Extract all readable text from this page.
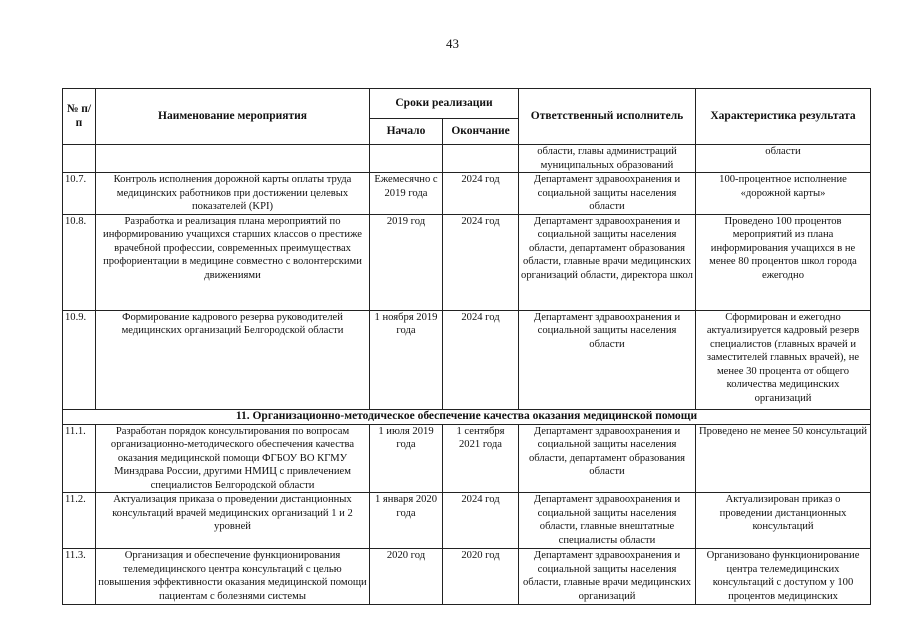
43
№ п/п	Наименование мероприятия	Сроки реализации		Ответственный исполнитель	Характеристика результата
		Начало	Окончание		
				области, главы администраций муниципальных образований	области
10.7.	Контроль исполнения дорожной карты оплаты труда медицинских работников при достижении целевых показателей (KPI)	Ежемесячно с 2019 года	2024 год	Департамент здравоохранения и социальной защиты населения области	100-процентное исполнение «дорожной карты»
10.8.	Разработка и реализация плана мероприятий по информированию учащихся старших классов о престиже врачебной профессии, современных преимуществах профориентации в медицине совместно с волонтерскими движениями	2019 год	2024 год	Департамент здравоохранения и социальной защиты населения области, департамент образования области, главные врачи медицинских организаций области, директора школ	Проведено 100 процентов мероприятий из плана информирования учащихся в не менее 80 процентов школ города ежегодно
10.9.	Формирование кадрового резерва руководителей медицинских организаций Белгородской области	1 ноября 2019 года	2024 год	Департамент здравоохранения и социальной защиты населения области	Сформирован и ежегодно актуализируется кадровый резерв специалистов (главных врачей и заместителей главных врачей), не менее 30 процента от общего количества медицинских организаций
11. Организационно-методическое обеспечение качества оказания медицинской помощи					
11.1.	Разработан порядок консультирования по вопросам организационно-методического обеспечения качества оказания медицинской помощи ФГБОУ ВО КГМУ Минздрава России, другими НМИЦ с привлечением специалистов Белгородской области	1 июля 2019 года	1 сентября 2021 года	Департамент здравоохранения и социальной защиты населения области, департамент образования области	Проведено не менее 50 консультаций
11.2.	Актуализация приказа о проведении дистанционных консультаций врачей медицинских организаций 1 и 2 уровней	1 января 2020 года	2024 год	Департамент здравоохранения и социальной защиты населения области, главные внештатные специалисты области	Актуализирован приказ о проведении дистанционных консультаций
11.3.	Организация и обеспечение функционирования телемедицинского центра консультаций с целью повышения эффективности оказания медицинской помощи пациентам с болезнями системы	2020 год	2020 год	Департамент здравоохранения и социальной защиты населения области, главные врачи медицинских организаций	Организовано функционирование центра телемедицинских консультаций с доступом у 100 процентов медицинских
